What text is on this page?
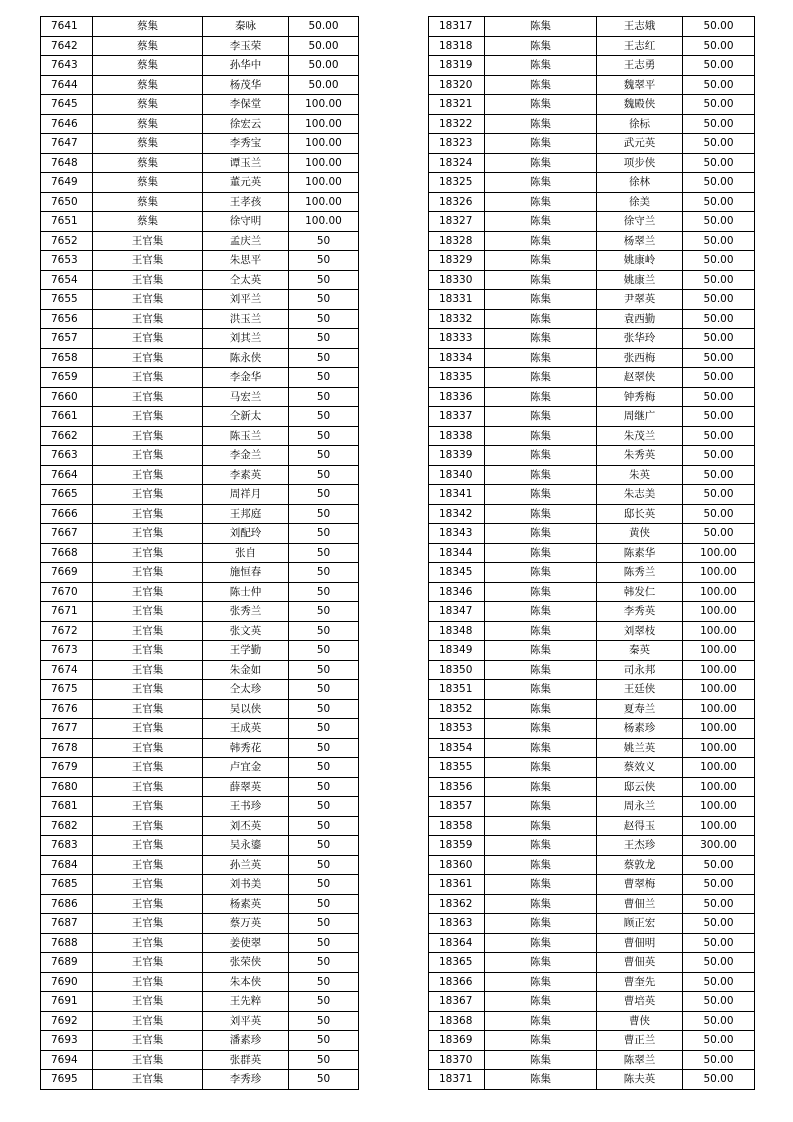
7641	蔡集	秦咏	50.00
7642	蔡集	李玉荣	50.00
7643	蔡集	孙华中	50.00
7644	蔡集	杨茂华	50.00
7645	蔡集	李保堂	100.00
7646	蔡集	徐宏云	100.00
7647	蔡集	李秀宝	100.00
7648	蔡集	谭玉兰	100.00
7649	蔡集	董元英	100.00
7650	蔡集	王孝孩	100.00
7651	蔡集	徐守明	100.00
7652	王官集	孟庆兰	50
7653	王官集	朱思平	50
7654	王官集	仝太英	50
7655	王官集	刘平兰	50
7656	王官集	洪玉兰	50
7657	王官集	刘其兰	50
7658	王官集	陈永侠	50
7659	王官集	李金华	50
7660	王官集	马宏兰	50
7661	王官集	仝新太	50
7662	王官集	陈玉兰	50
7663	王官集	李金兰	50
7664	王官集	李素英	50
7665	王官集	周祥月	50
7666	王官集	王邦庭	50
7667	王官集	刘配玲	50
7668	王官集	张自	50
7669	王官集	施恒春	50
7670	王官集	陈士仲	50
7671	王官集	张秀兰	50
7672	王官集	张文英	50
7673	王官集	王学勤	50
7674	王官集	朱金如	50
7675	王官集	仝太珍	50
7676	王官集	吴以侠	50
7677	王官集	王成英	50
7678	王官集	韩秀花	50
7679	王官集	卢宜金	50
7680	王官集	薛翠英	50
7681	王官集	王书珍	50
7682	王官集	刘丕英	50
7683	王官集	吴永鎏	50
7684	王官集	孙兰英	50
7685	王官集	刘书美	50
7686	王官集	杨素英	50
7687	王官集	蔡万英	50
7688	王官集	姜使翠	50
7689	王官集	张荣侠	50
7690	王官集	朱本侠	50
7691	王官集	王先粹	50
7692	王官集	刘平英	50
7693	王官集	潘素珍	50
7694	王官集	张群英	50
7695	王官集	李秀珍	50
18317	陈集	王志娥	50.00
18318	陈集	王志红	50.00
18319	陈集	王志勇	50.00
18320	陈集	魏翠平	50.00
18321	陈集	魏殿侠	50.00
18322	陈集	徐标	50.00
18323	陈集	武元英	50.00
18324	陈集	项步侠	50.00
18325	陈集	徐林	50.00
18326	陈集	徐美	50.00
18327	陈集	徐守兰	50.00
18328	陈集	杨翠兰	50.00
18329	陈集	姚康岭	50.00
18330	陈集	姚康兰	50.00
18331	陈集	尹翠英	50.00
18332	陈集	袁西勤	50.00
18333	陈集	张华玲	50.00
18334	陈集	张西梅	50.00
18335	陈集	赵翠侠	50.00
18336	陈集	钟秀梅	50.00
18337	陈集	周继广	50.00
18338	陈集	朱茂兰	50.00
18339	陈集	朱秀英	50.00
18340	陈集	朱英	50.00
18341	陈集	朱志美	50.00
18342	陈集	邸长英	50.00
18343	陈集	黄侠	50.00
18344	陈集	陈素华	100.00
18345	陈集	陈秀兰	100.00
18346	陈集	韩发仁	100.00
18347	陈集	李秀英	100.00
18348	陈集	刘翠枝	100.00
18349	陈集	秦英	100.00
18350	陈集	司永邦	100.00
18351	陈集	王廷侠	100.00
18352	陈集	夏寿兰	100.00
18353	陈集	杨素珍	100.00
18354	陈集	姚兰英	100.00
18355	陈集	蔡效义	100.00
18356	陈集	邸云侠	100.00
18357	陈集	周永兰	100.00
18358	陈集	赵得玉	100.00
18359	陈集	王杰珍	300.00
18360	陈集	蔡敦龙	50.00
18361	陈集	曹翠梅	50.00
18362	陈集	曹佃兰	50.00
18363	陈集	顾正宏	50.00
18364	陈集	曹佃明	50.00
18365	陈集	曹佃英	50.00
18366	陈集	曹奎先	50.00
18367	陈集	曹培英	50.00
18368	陈集	曹侠	50.00
18369	陈集	曹正兰	50.00
18370	陈集	陈翠兰	50.00
18371	陈集	陈夫英	50.00
